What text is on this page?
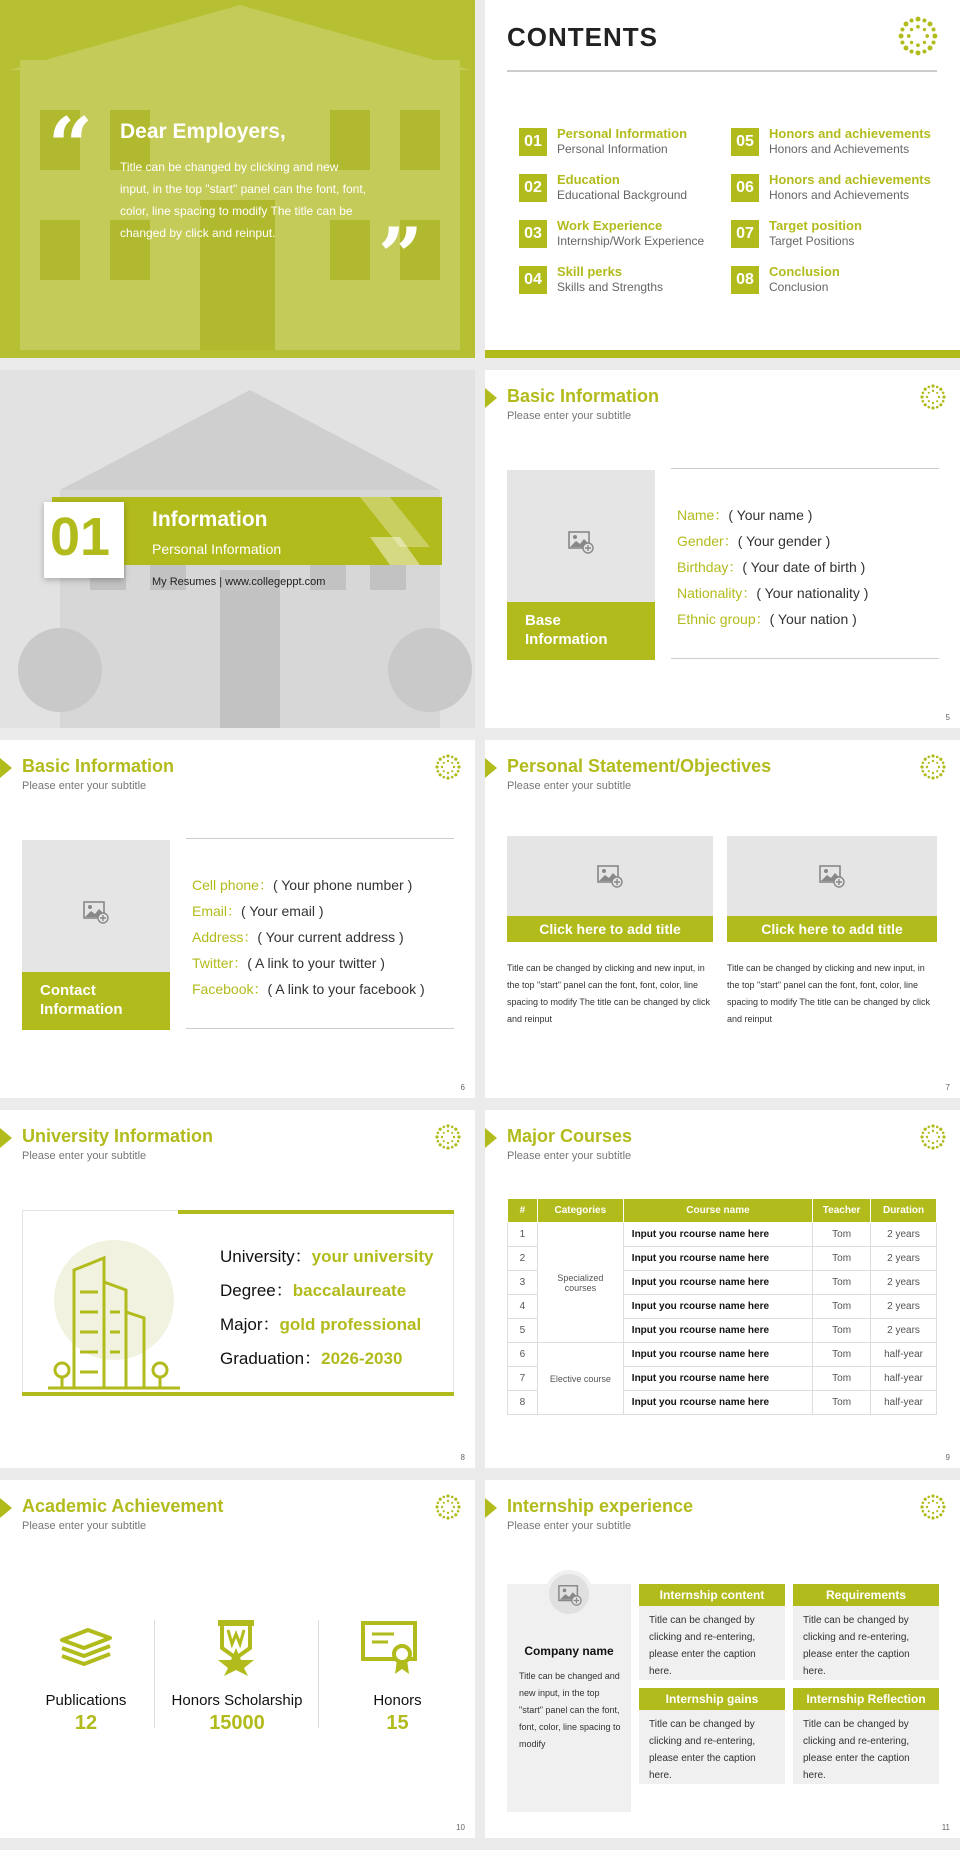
“ Dear Employers,
Title can be changed by clicking and new input, in the top "start" panel can the font, font, color, line spacing to modify The title can be changed by click and reinput.	”
CONTENTS
01	Personal Information
Personal Information
02	Education
Educational Background
03	Work Experience
Internship/Work Experience
04	Skill perks
Skills and Strengths
05	Honors and achievements
Honors and Achievements
06	Honors and achievements
Honors and Achievements
07	Target position
Target Positions
08	Conclusion
Conclusion
01 Information
Personal Information
My Resumes | www.collegeppt.com
Basic Information
Please enter your subtitle
Base Information
Name：( Your name )
Gender：( Your gender )
Birthday：( Your date of birth )
Nationality：( Your nationality )
Ethnic group：( Your nation )
5
Basic Information
Please enter your subtitle
Contact Information
Cell phone：( Your phone number )
Email：( Your email )
Address：( Your current address )
Twitter：( A link to your twitter )
Facebook：( A link to your facebook )
6
Personal Statement/Objectives
Please enter your subtitle
Click here to add title
Title can be changed by clicking and new input, in the top "start" panel can the font, font, color, line spacing to modify The title can be changed by click and reinput
Click here to add title
Title can be changed by clicking and new input, in the top "start" panel can the font, font, color, line spacing to modify The title can be changed by click and reinput
7
University Information
Please enter your subtitle
University：your university
Degree：baccalaureate
Major：gold professional
Graduation：2026-2030
8
Major Courses
Please enter your subtitle
#	Categories	Course name	Teacher	Duration
1	Specialized courses	Input you rcourse name here	Tom	2 years
2		Input you rcourse name here	Tom	2 years
3		Input you rcourse name here	Tom	2 years
4		Input you rcourse name here	Tom	2 years
5		Input you rcourse name here	Tom	2 years
6	Elective course	Input you rcourse name here	Tom	half-year
7		Input you rcourse name here	Tom	half-year
8		Input you rcourse name here	Tom	half-year
9
Academic Achievement
Please enter your subtitle
Publications
12
Honors Scholarship
15000
Honors
15
10
Internship experience
Please enter your subtitle
Company name
Title can be changed and new input, in the top "start" panel can the font, font, color, line spacing to modify
Internship content
Title can be changed by clicking and re-entering, please enter the caption here.
Requirements
Title can be changed by clicking and re-entering, please enter the caption here.
Internship gains
Title can be changed by clicking and re-entering, please enter the caption here.
Internship Reflection
Title can be changed by clicking and re-entering, please enter the caption here.
11
